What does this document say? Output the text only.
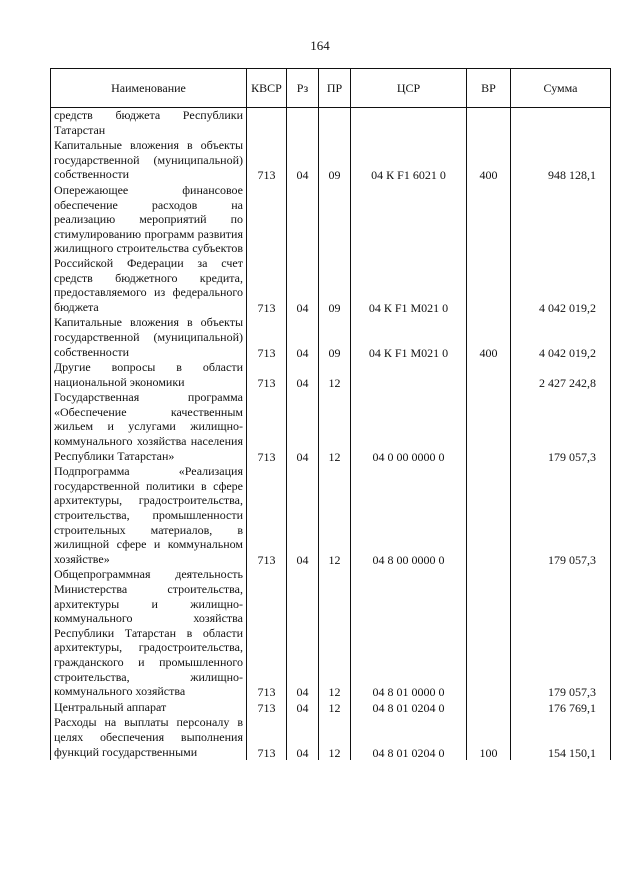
164
Наименование	КВСР	Рз	ПР	ЦСР	ВР	Сумма
средств бюджета Республики Татарстан						
Капитальные вложения в объекты государственной (муниципальной) собственности	713	04	09	04 К F1 6021 0	400	948 128,1
Опережающее финансовое обеспечение расходов на реализацию мероприятий по стимулированию программ развития жилищного строительства субъектов Российской Федерации за счет средств бюджетного кредита, предоставляемого из федерального бюджета	713	04	09	04 К F1 М021 0		4 042 019,2
Капитальные вложения в объекты государственной (муниципальной) собственности	713	04	09	04 К F1 М021 0	400	4 042 019,2
Другие вопросы в области национальной экономики	713	04	12			2 427 242,8
Государственная программа «Обеспечение качественным жильем и услугами жилищно-коммунального хозяйства населения Республики Татарстан»	713	04	12	04 0 00 0000 0		179 057,3
Подпрограмма «Реализация государственной политики в сфере архитектуры, градостроительства, строительства, промышленности строительных материалов, в жилищной сфере и коммунальном хозяйстве»	713	04	12	04 8 00 0000 0		179 057,3
Общепрограммная деятельность Министерства строительства, архитектуры и жилищно-коммунального хозяйства Республики Татарстан в области архитектуры, градостроительства, гражданского и промышленного строительства, жилищно-коммунального хозяйства	713	04	12	04 8 01 0000 0		179 057,3
Центральный аппарат	713	04	12	04 8 01 0204 0		176 769,1
Расходы на выплаты персоналу в целях обеспечения выполнения функций государственными	713	04	12	04 8 01 0204 0	100	154 150,1
